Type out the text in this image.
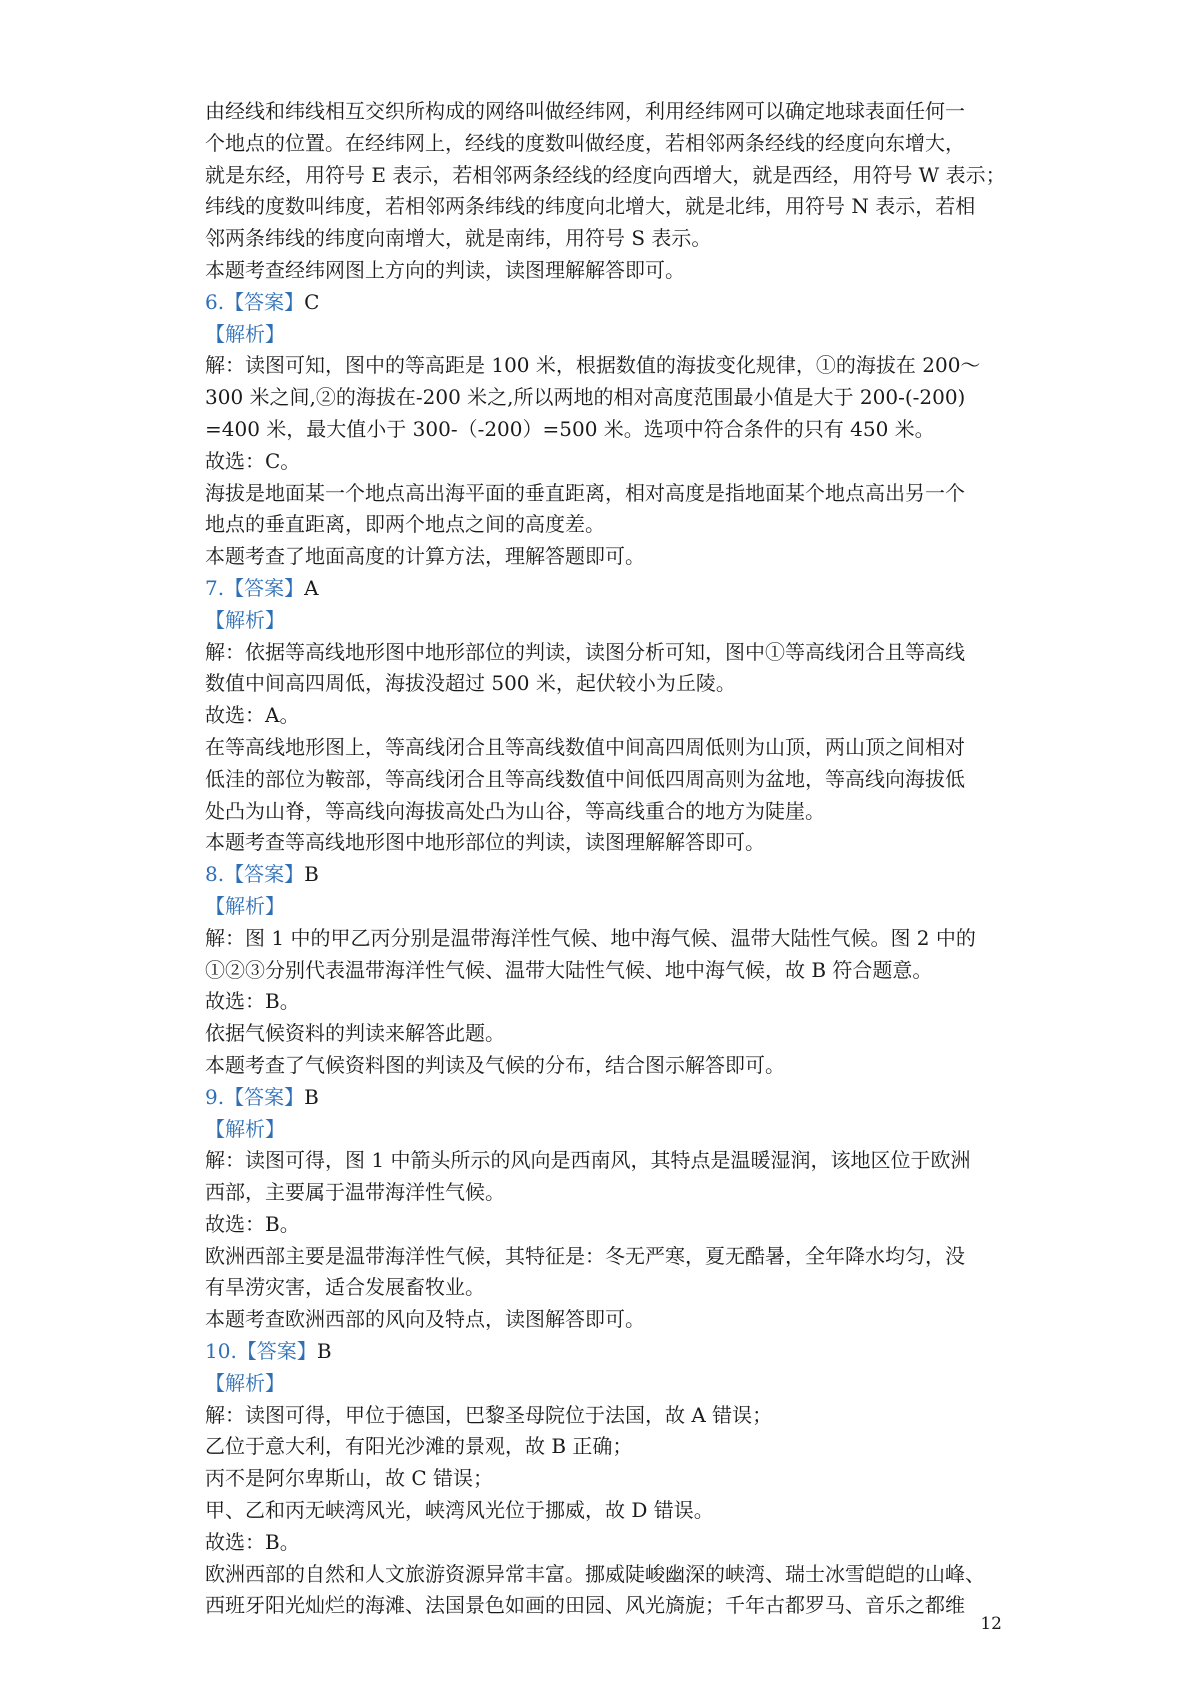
由经线和纬线相互交织所构成的网络叫做经纬网，利用经纬网可以确定地球表面任何一
个地点的位置。在经纬网上，经线的度数叫做经度，若相邻两条经线的经度向东增大，
就是东经，用符号 E 表示，若相邻两条经线的经度向西增大，就是西经，用符号 W 表示；
纬线的度数叫纬度，若相邻两条纬线的纬度向北增大，就是北纬，用符号 N 表示，若相
邻两条纬线的纬度向南增大，就是南纬，用符号 S 表示。
本题考查经纬网图上方向的判读，读图理解解答即可。
6.【答案】C
【解析】
解：读图可知，图中的等高距是 100 米，根据数值的海拔变化规律，①的海拔在 200～
300 米之间,②的海拔在-200 米之,所以两地的相对高度范围最小值是大于 200-(-200)
=400 米，最大值小于 300-（-200）=500 米。选项中符合条件的只有 450 米。
故选：C。
海拔是地面某一个地点高出海平面的垂直距离，相对高度是指地面某个地点高出另一个
地点的垂直距离，即两个地点之间的高度差。
本题考查了地面高度的计算方法，理解答题即可。
7.【答案】A
【解析】
解：依据等高线地形图中地形部位的判读，读图分析可知，图中①等高线闭合且等高线
数值中间高四周低，海拔没超过 500 米，起伏较小为丘陵。
故选：A。
在等高线地形图上，等高线闭合且等高线数值中间高四周低则为山顶，两山顶之间相对
低洼的部位为鞍部，等高线闭合且等高线数值中间低四周高则为盆地，等高线向海拔低
处凸为山脊，等高线向海拔高处凸为山谷，等高线重合的地方为陡崖。
本题考查等高线地形图中地形部位的判读，读图理解解答即可。
8.【答案】B
【解析】
解：图 1 中的甲乙丙分别是温带海洋性气候、地中海气候、温带大陆性气候。图 2 中的
①②③分别代表温带海洋性气候、温带大陆性气候、地中海气候，故 B 符合题意。
故选：B。
依据气候资料的判读来解答此题。
本题考查了气候资料图的判读及气候的分布，结合图示解答即可。
9.【答案】B
【解析】
解：读图可得，图 1 中箭头所示的风向是西南风，其特点是温暖湿润，该地区位于欧洲
西部，主要属于温带海洋性气候。
故选：B。
欧洲西部主要是温带海洋性气候，其特征是：冬无严寒，夏无酷暑，全年降水均匀，没
有旱涝灾害，适合发展畜牧业。
本题考查欧洲西部的风向及特点，读图解答即可。
10.【答案】B
【解析】
解：读图可得，甲位于德国，巴黎圣母院位于法国，故 A 错误；
乙位于意大利，有阳光沙滩的景观，故 B 正确；
丙不是阿尔卑斯山，故 C 错误；
甲、乙和丙无峡湾风光，峡湾风光位于挪威，故 D 错误。
故选：B。
欧洲西部的自然和人文旅游资源异常丰富。挪威陡峻幽深的峡湾、瑞士冰雪皑皑的山峰、
西班牙阳光灿烂的海滩、法国景色如画的田园、风光旖旎；千年古都罗马、音乐之都维
12
